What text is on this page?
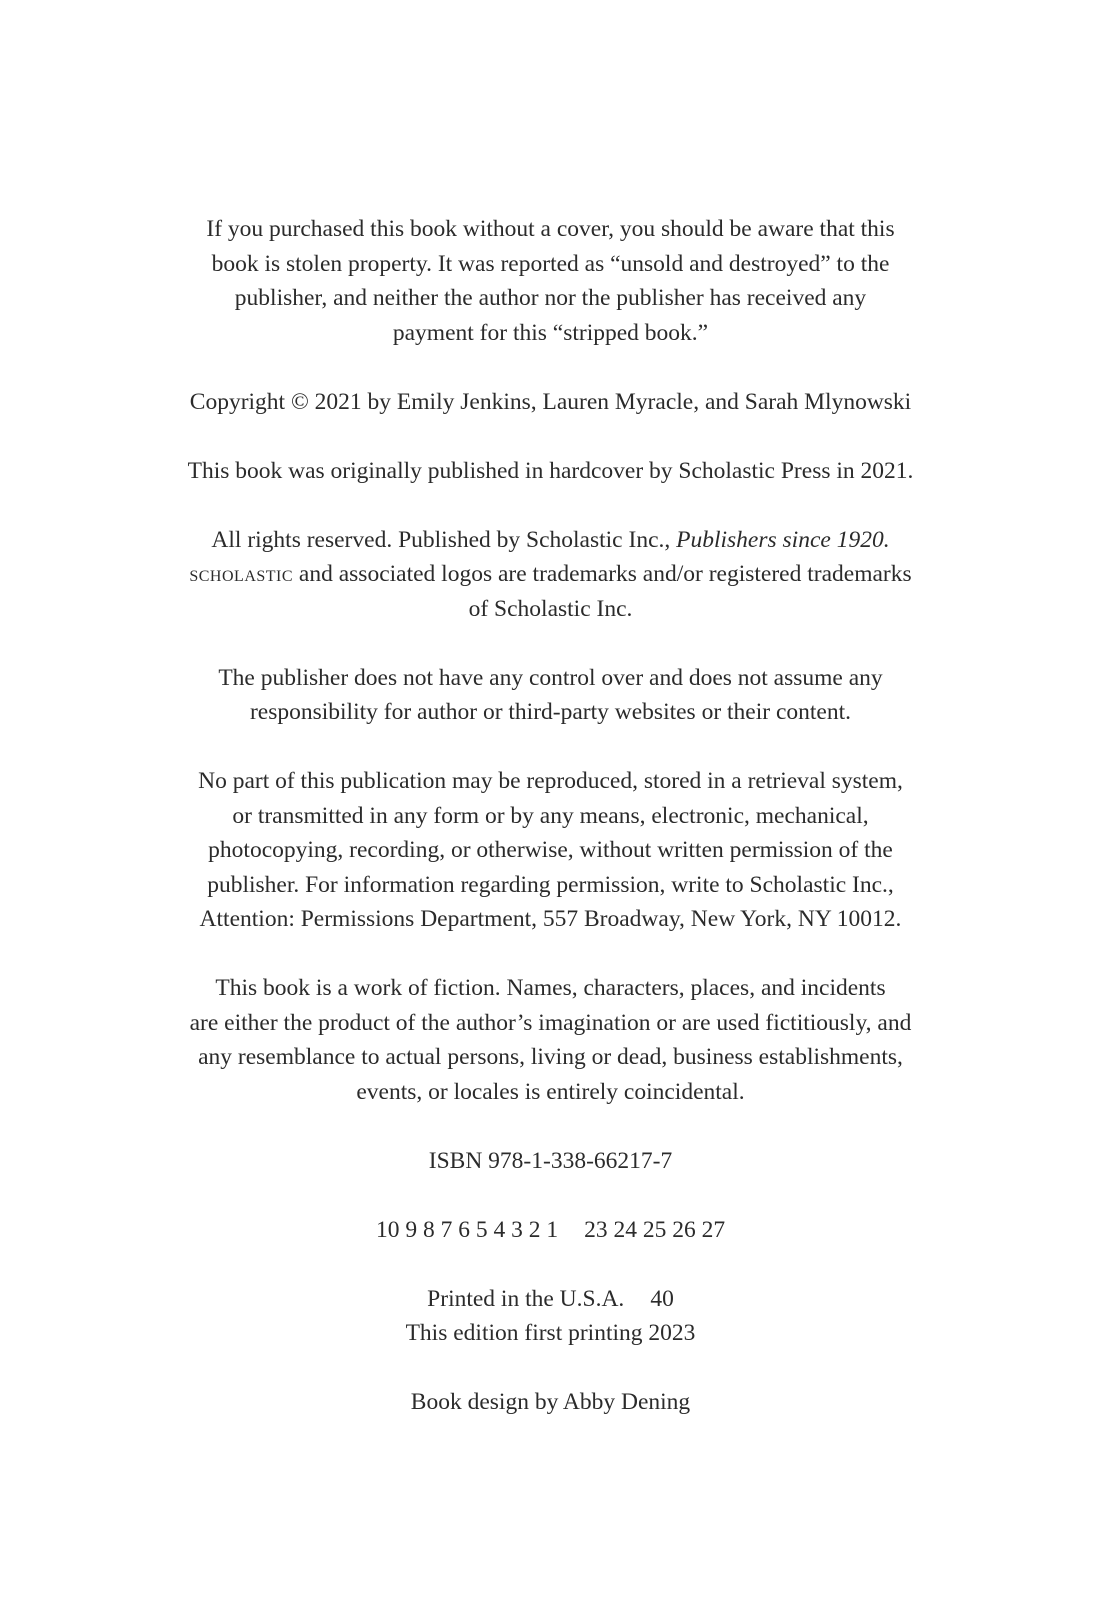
If you purchased this book without a cover, you should be aware that this
book is stolen property. It was reported as “unsold and destroyed” to the
publisher, and neither the author nor the publisher has received any
payment for this “stripped book.”
Copyright © 2021 by Emily Jenkins, Lauren Myracle, and Sarah Mlynowski
This book was originally published in hardcover by Scholastic Press in 2021.
All rights reserved. Published by Scholastic Inc., Publishers since 1920.
scholastic and associated logos are trademarks and/or registered trademarks
of Scholastic Inc.
The publisher does not have any control over and does not assume any
responsibility for author or third-party websites or their content.
No part of this publication may be reproduced, stored in a retrieval system,
or transmitted in any form or by any means, electronic, mechanical,
photocopying, recording, or otherwise, without written permission of the
publisher. For information regarding permission, write to Scholastic Inc.,
Attention: Permissions Department, 557 Broadway, New York, NY 10012.
This book is a work of fiction. Names, characters, places, and incidents
are either the product of the author’s imagination or are used fictitiously, and
any resemblance to actual persons, living or dead, business establishments,
events, or locales is entirely coincidental.
ISBN 978-1-338-66217-7
10 9 8 7 6 5 4 3 2 1 23 24 25 26 27
Printed in the U.S.A. 40
This edition first printing 2023
Book design by Abby Dening
